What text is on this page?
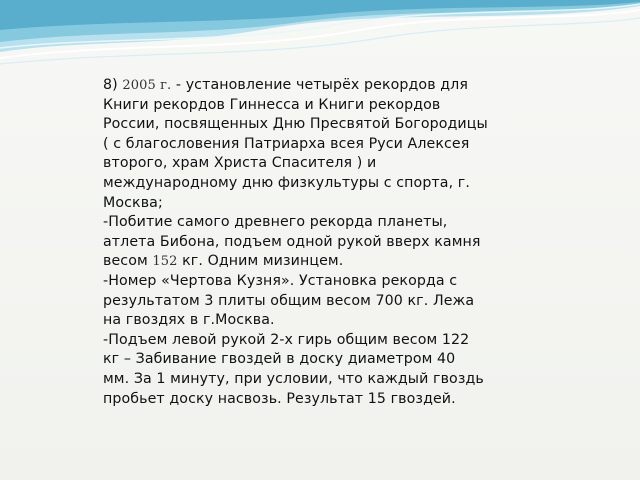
8) 2005 г. - установление четырёх рекордов для
Книги рекордов Гиннесса и Книги рекордов
России, посвященных Дню Пресвятой Богородицы
( с благословения Патриарха всея Руси Алексея
второго, храм Христа Спасителя ) и
международному дню физкультуры с спорта, г.
Москва;
-Побитие самого древнего рекорда планеты,
атлета Бибона, подъем одной рукой вверх камня
весом 152 кг. Одним мизинцем.
-Номер «Чертова Кузня». Установка рекорда с
результатом 3 плиты общим весом 700 кг. Лежа
на гвоздях в г.Москва.
-Подъем левой рукой 2-х гирь общим весом 122
кг – Забивание гвоздей в доску диаметром 40
мм. За 1 минуту, при условии, что каждый гвоздь
пробьет доску насвозь. Результат 15 гвоздей.
